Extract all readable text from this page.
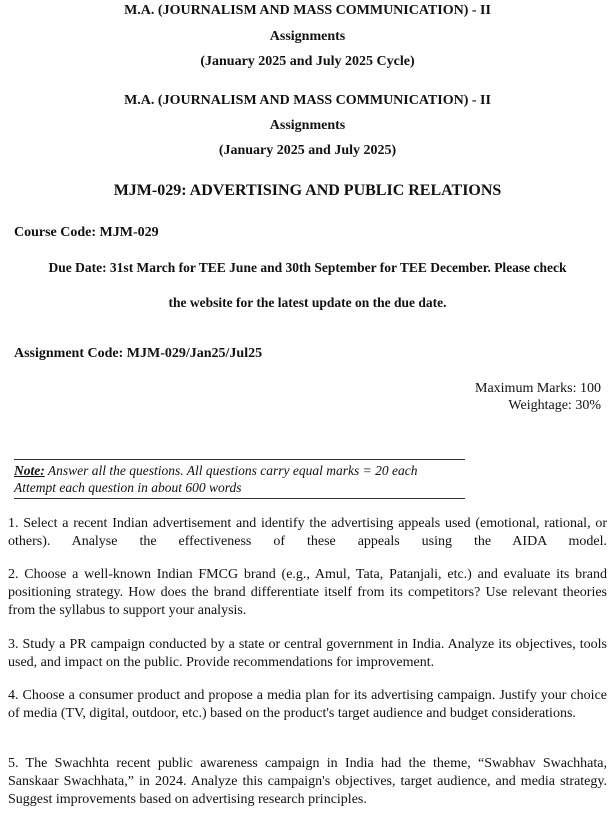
M.A. (JOURNALISM AND MASS COMMUNICATION) - II
Assignments
(January 2025 and July 2025 Cycle)
M.A. (JOURNALISM AND MASS COMMUNICATION) - II
Assignments
(January 2025 and July 2025)
MJM-029: ADVERTISING AND PUBLIC RELATIONS
Course Code: MJM-029
Due Date: 31st March for TEE June and 30th September for TEE December. Please check
the website for the latest update on the due date.
Assignment Code: MJM-029/Jan25/Jul25
Maximum Marks: 100
Weightage: 30%
Note: Answer all the questions. All questions carry equal marks = 20 each
Attempt each question in about 600 words
1. Select a recent Indian advertisement and identify the advertising appeals used (emotional, rational, or others). Analyse the effectiveness of these appeals using the AIDA model.
2. Choose a well-known Indian FMCG brand (e.g., Amul, Tata, Patanjali, etc.) and evaluate its brand positioning strategy. How does the brand differentiate itself from its competitors? Use relevant theories from the syllabus to support your analysis.
3. Study a PR campaign conducted by a state or central government in India. Analyze its objectives, tools used, and impact on the public. Provide recommendations for improvement.
4. Choose a consumer product and propose a media plan for its advertising campaign. Justify your choice of media (TV, digital, outdoor, etc.) based on the product's target audience and budget considerations.
5. The Swachhta recent public awareness campaign in India had the theme, “Swabhav Swachhata, Sanskaar Swachhata,” in 2024. Analyze this campaign's objectives, target audience, and media strategy. Suggest improvements based on advertising research principles.
